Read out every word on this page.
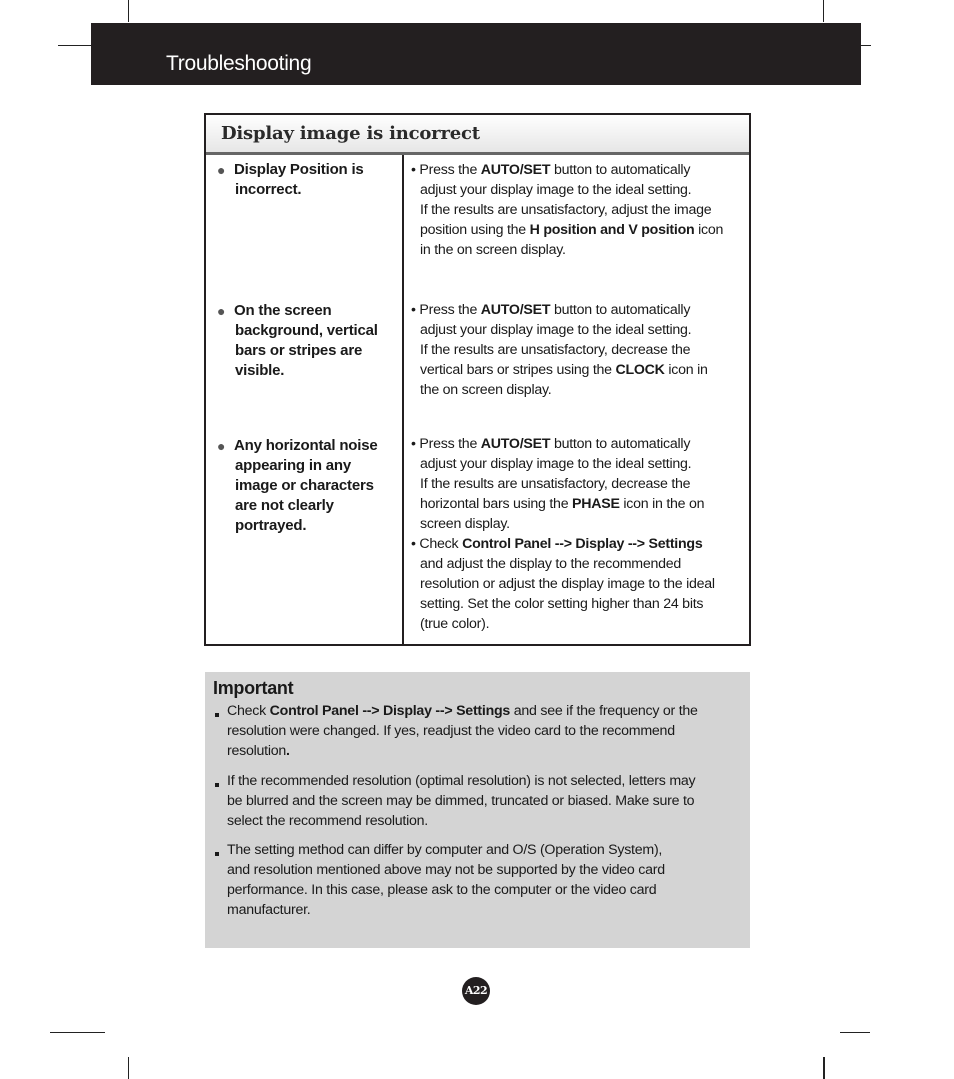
Troubleshooting
Display image is incorrect
● Display Position is
incorrect.
• Press the AUTO/SET button to automatically
adjust your display image to the ideal setting.
If the results are unsatisfactory, adjust the image
position using the H position and V position icon
in the on screen display.
● On the screen
background, vertical
bars or stripes are
visible.
• Press the AUTO/SET button to automatically
adjust your display image to the ideal setting.
If the results are unsatisfactory, decrease the
vertical bars or stripes using the CLOCK icon in
the on screen display.
● Any horizontal noise
appearing in any
image or characters
are not clearly
portrayed.
• Press the AUTO/SET button to automatically
adjust your display image to the ideal setting.
If the results are unsatisfactory, decrease the
horizontal bars using the PHASE icon in the on
screen display.
• Check Control Panel --> Display --> Settings
and adjust the display to the recommended
resolution or adjust the display image to the ideal
setting. Set the color setting higher than 24 bits
(true color).
Important
Check Control Panel --> Display --> Settings and see if the frequency or the
resolution were changed. If yes, readjust the video card to the recommend
resolution.
If the recommended resolution (optimal resolution) is not selected, letters may
be blurred and the screen may be dimmed, truncated or biased. Make sure to
select the recommend resolution.
The setting method can differ by computer and O/S (Operation System),
and resolution mentioned above may not be supported by the video card
performance. In this case, please ask to the computer or the video card
manufacturer.
A22
